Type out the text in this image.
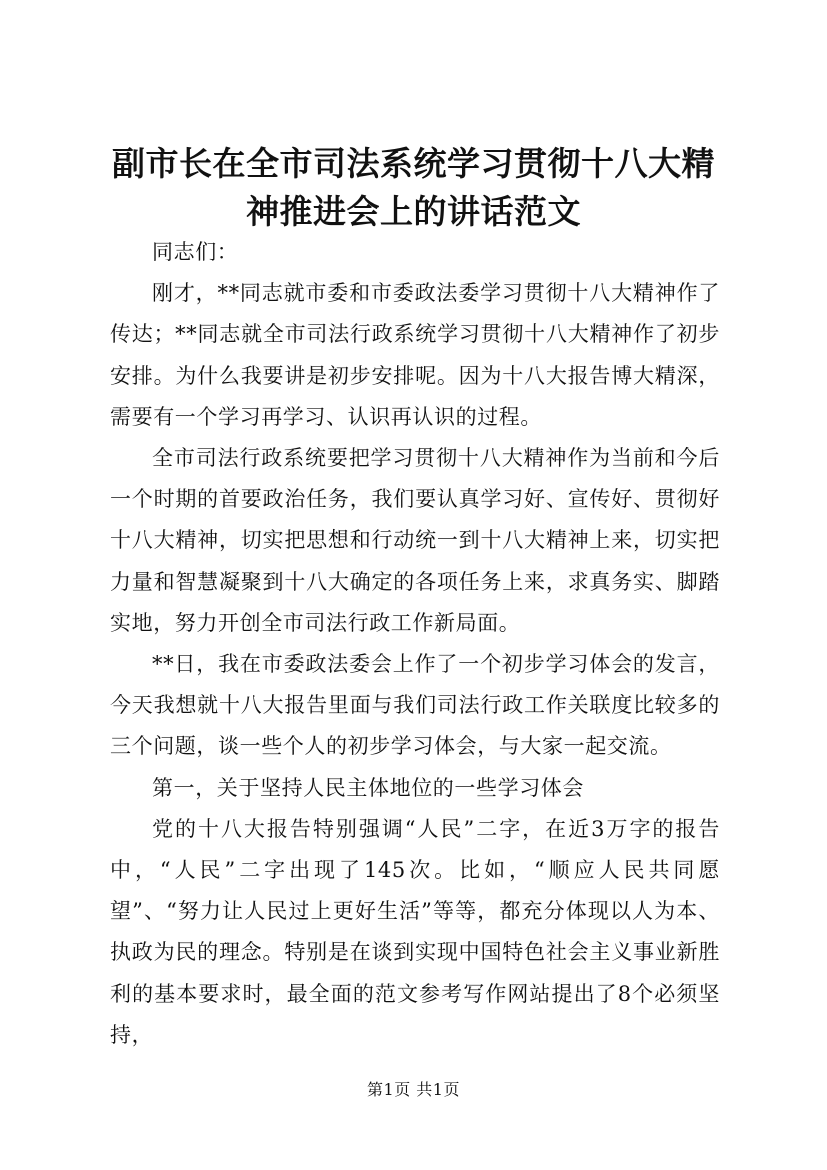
副市长在全市司法系统学习贯彻十八大精神推进会上的讲话范文

同志们：

刚才，**同志就市委和市委政法委学习贯彻十八大精神作了传达；**同志就全市司法行政系统学习贯彻十八大精神作了初步安排。为什么我要讲是初步安排呢。因为十八大报告博大精深，需要有一个学习再学习、认识再认识的过程。

全市司法行政系统要把学习贯彻十八大精神作为当前和今后一个时期的首要政治任务，我们要认真学习好、宣传好、贯彻好十八大精神，切实把思想和行动统一到十八大精神上来，切实把力量和智慧凝聚到十八大确定的各项任务上来，求真务实、脚踏实地，努力开创全市司法行政工作新局面。

**日，我在市委政法委会上作了一个初步学习体会的发言，今天我想就十八大报告里面与我们司法行政工作关联度比较多的三个问题，谈一些个人的初步学习体会，与大家一起交流。

第一，关于坚持人民主体地位的一些学习体会

党的十八大报告特别强调“人民”二字，在近3万字的报告中，“人民”二字出现了145次。比如，“顺应人民共同愿望”、“努力让人民过上更好生活”等等，都充分体现以人为本、执政为民的理念。特别是在谈到实现中国特色社会主义事业新胜利的基本要求时，最全面的范文参考写作网站提出了8个必须坚持，

第1页 共1页
